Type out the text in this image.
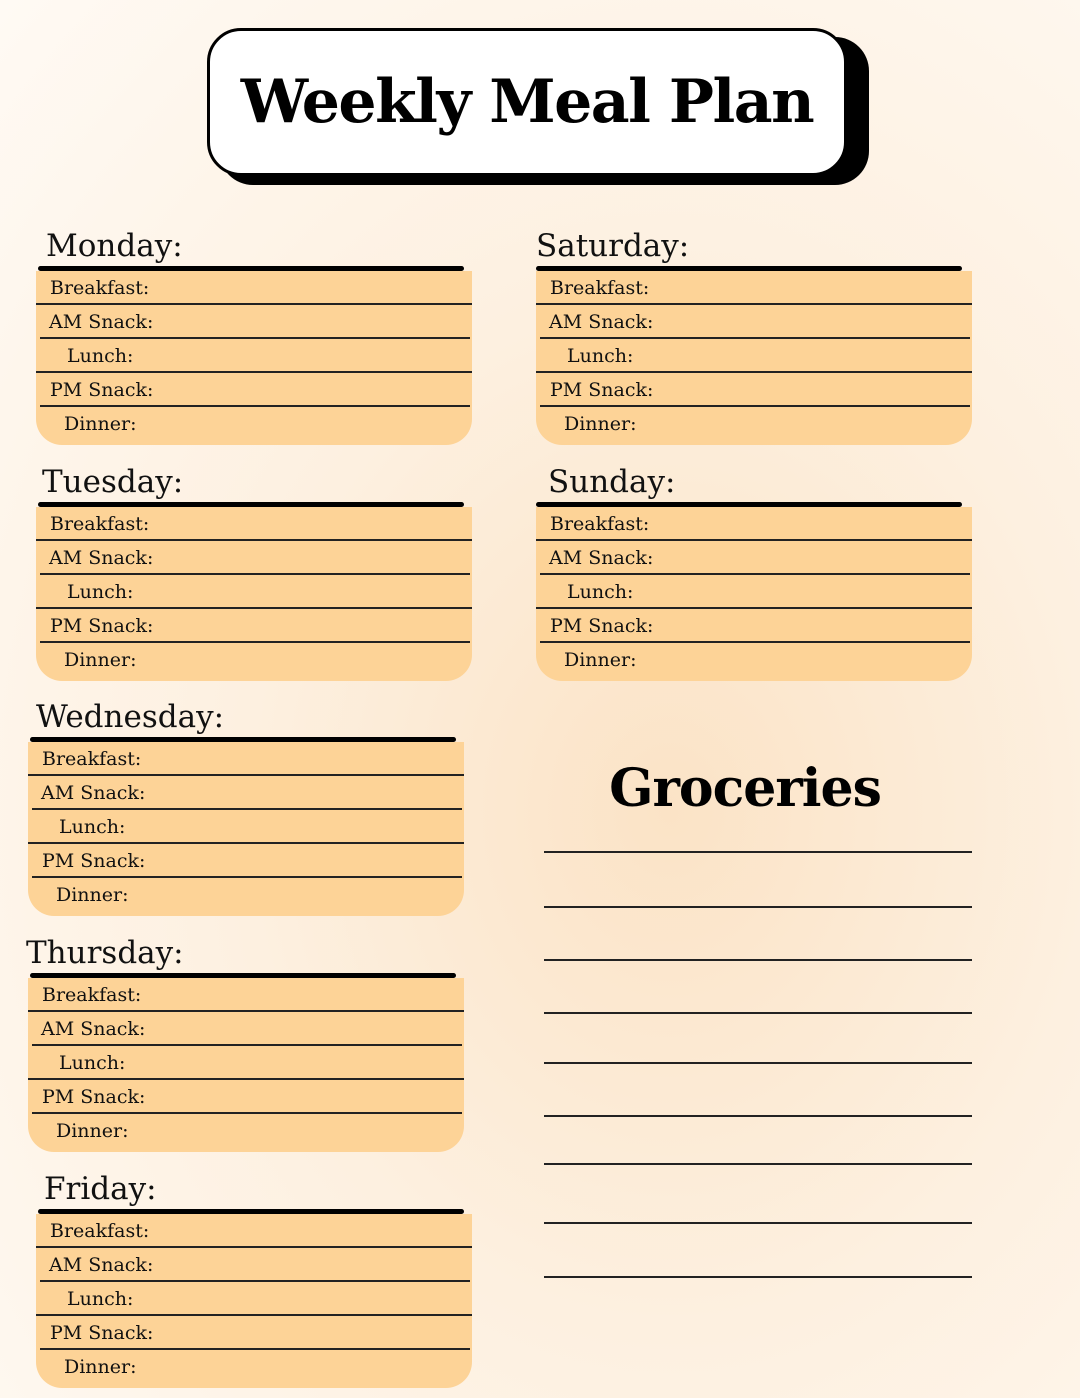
Weekly Meal Plan
Monday:
Breakfast:
AM Snack:
Lunch:
PM Snack:
Dinner:
Tuesday:
Breakfast:
AM Snack:
Lunch:
PM Snack:
Dinner:
Wednesday:
Breakfast:
AM Snack:
Lunch:
PM Snack:
Dinner:
Thursday:
Breakfast:
AM Snack:
Lunch:
PM Snack:
Dinner:
Friday:
Breakfast:
AM Snack:
Lunch:
PM Snack:
Dinner:
Saturday:
Breakfast:
AM Snack:
Lunch:
PM Snack:
Dinner:
Sunday:
Breakfast:
AM Snack:
Lunch:
PM Snack:
Dinner:
Groceries
